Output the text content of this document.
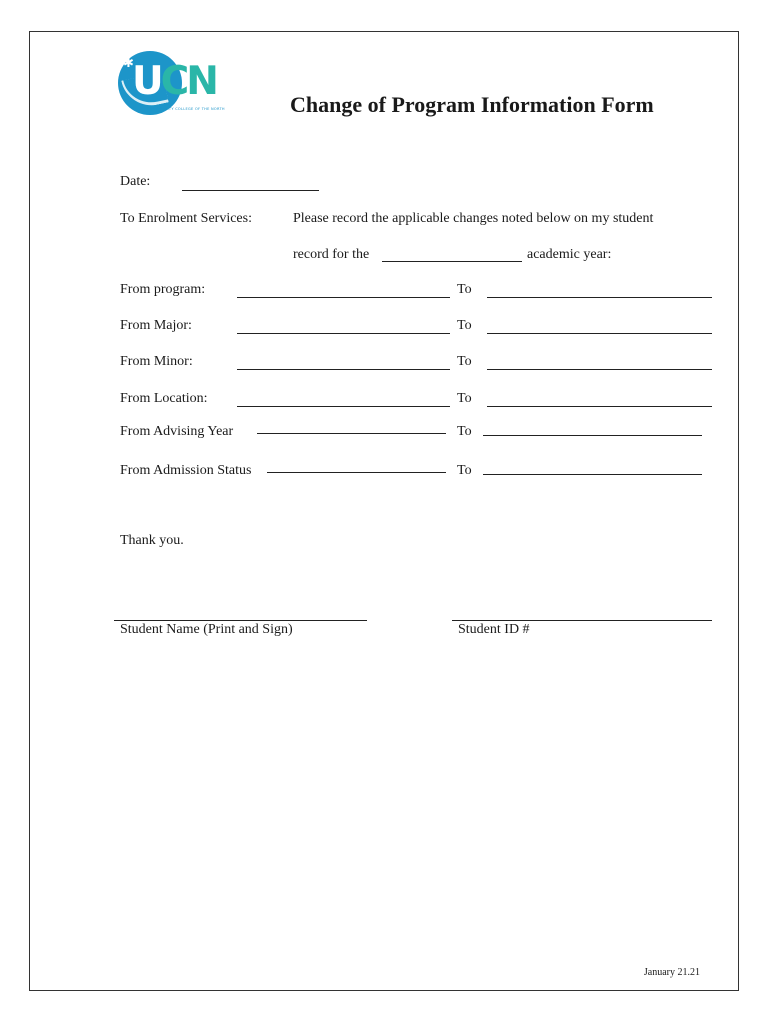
✱
UCN
UNIVERSITY COLLEGE OF THE NORTH	Change of Program Information Form
Date:
To Enrolment Services:	Please record the applicable changes noted below on my student
record for the	academic year:
From program:	To
From Major:	To
From Minor:	To
From Location:	To
From Advising Year	To
From Admission Status	To
Thank you.
Student Name (Print and Sign)	Student ID #
January 21.21
